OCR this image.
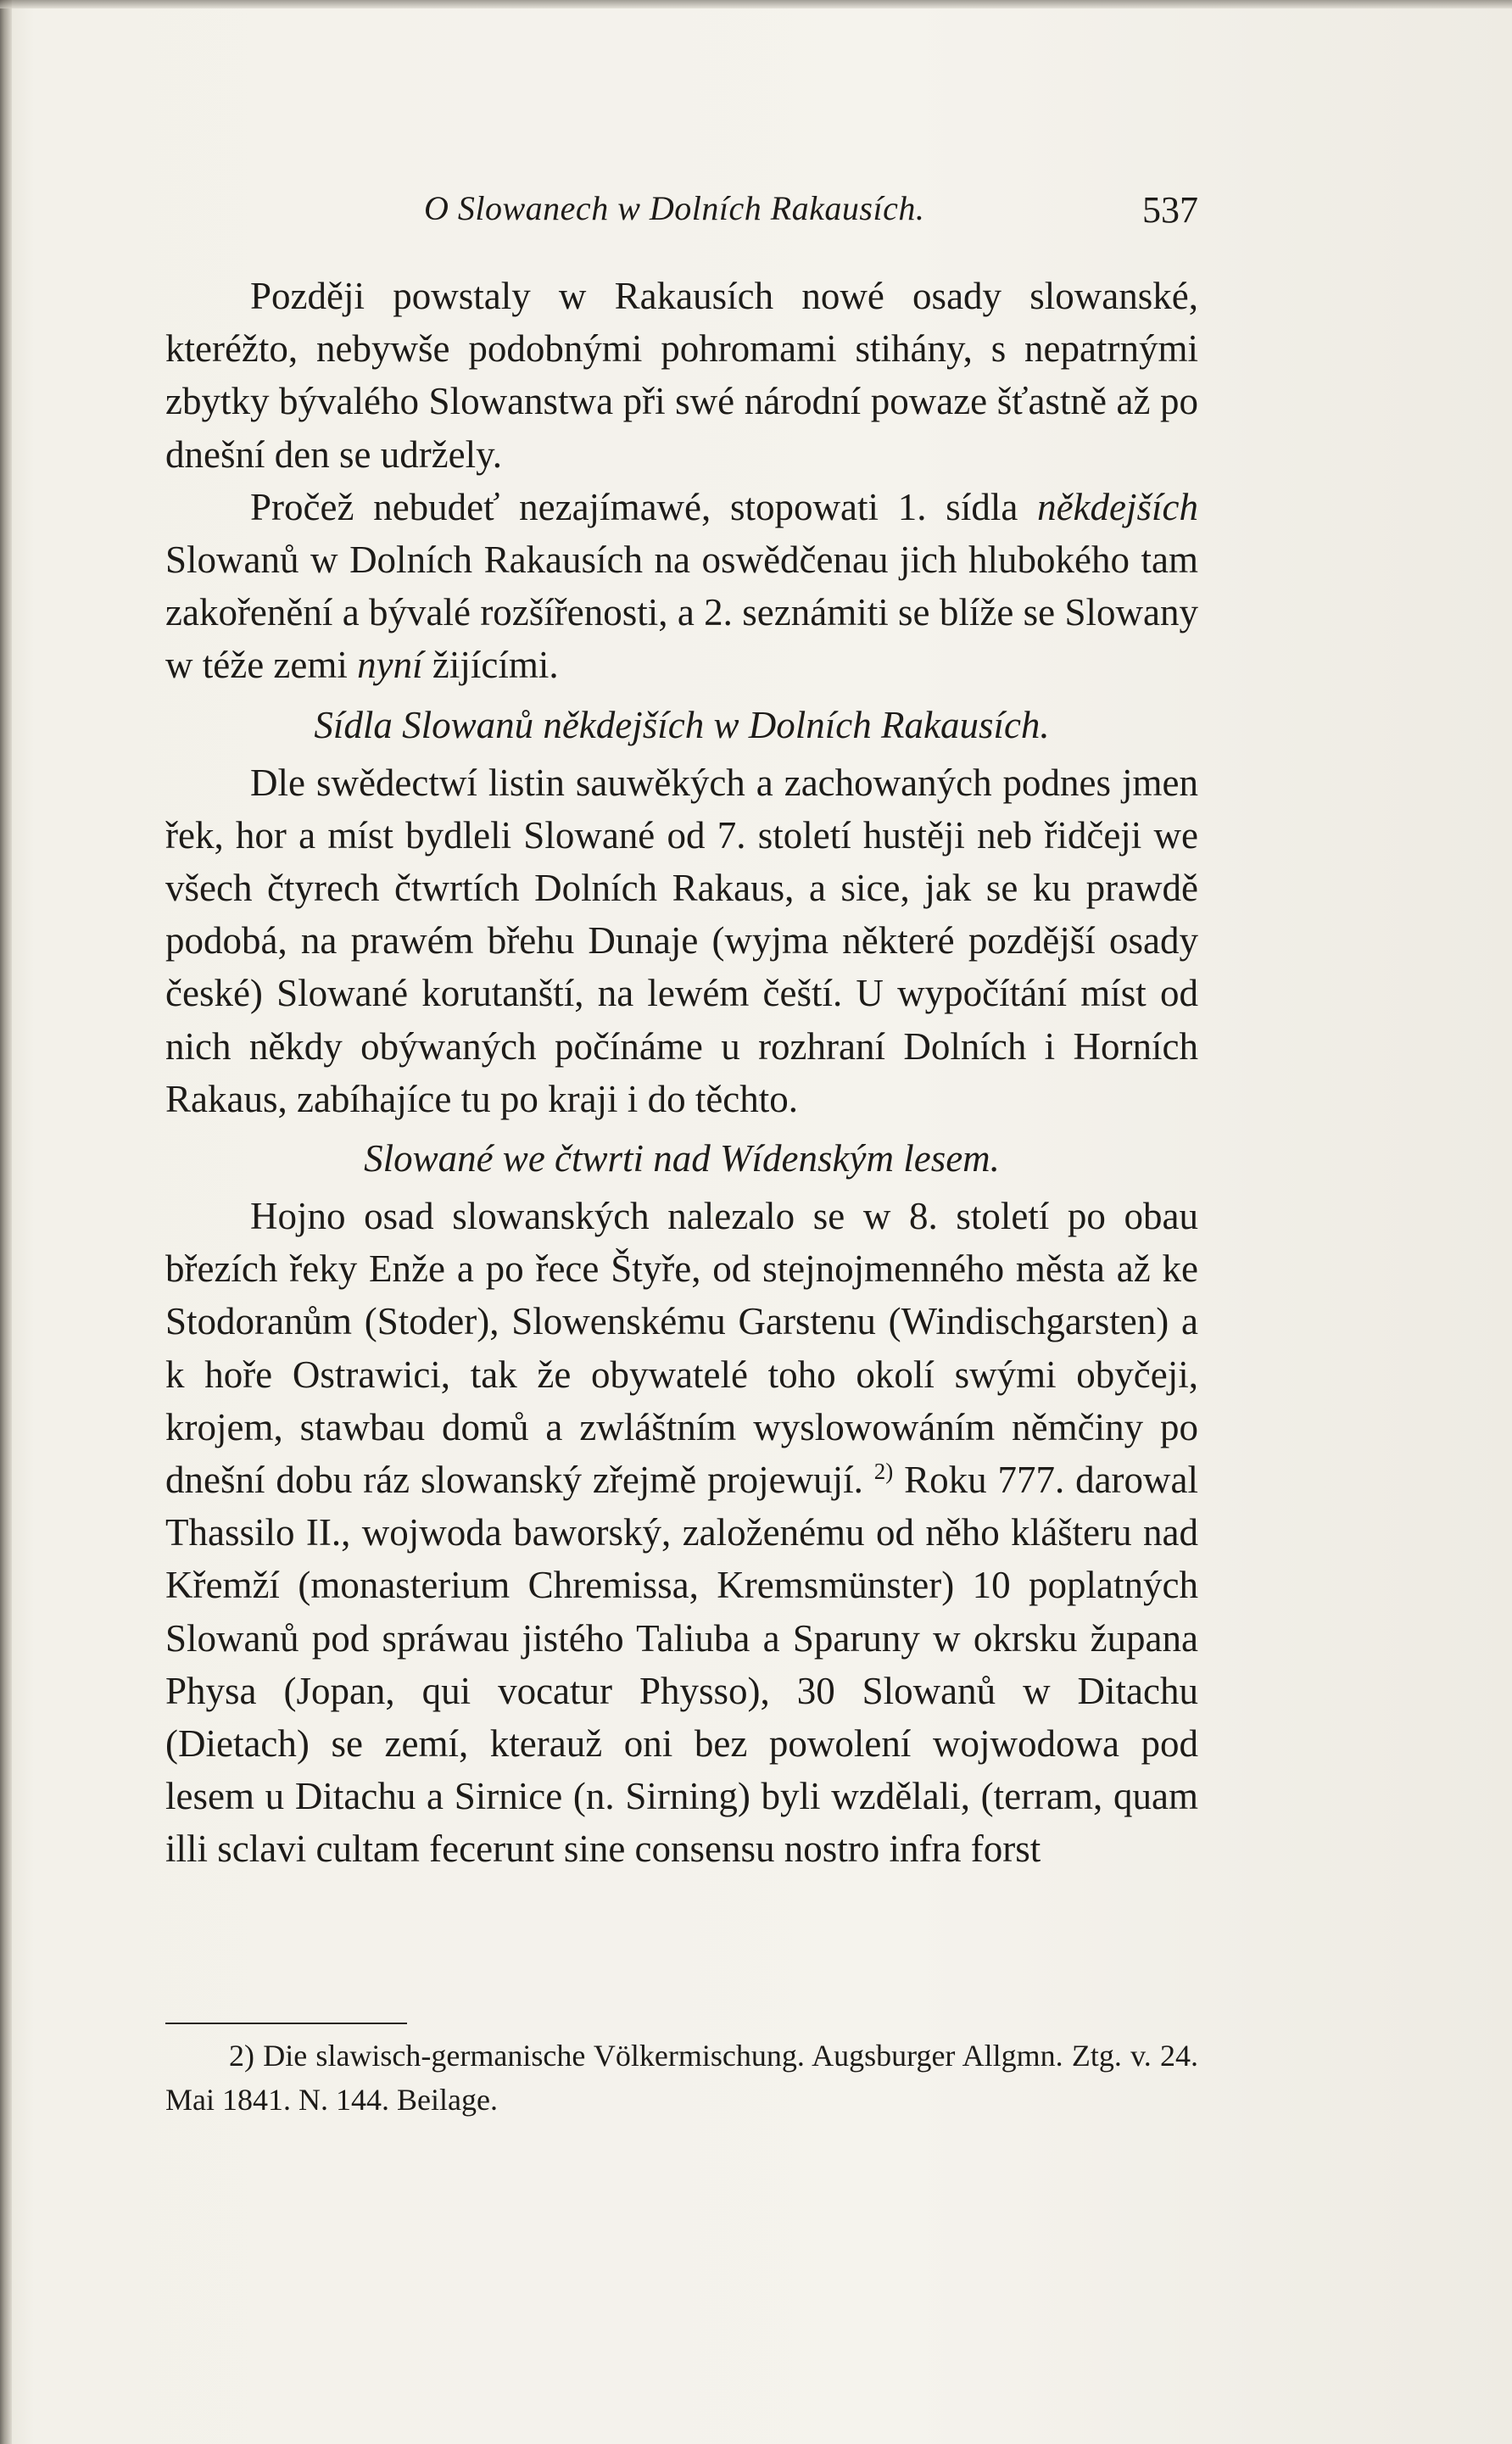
O Slowanech w Dolních Rakausích.	537

Později powstaly w Rakausích nowé osady slowanské, kteréžto, nebywše podobnými pohromami stihány, s nepatrnými zbytky bývalého Slowanstwa při swé národní powaze šťastně až po dnešní den se udržely.

Pročež nebudeť nezajímawé, stopowati 1. sídla někdejších Slowanů w Dolních Rakausích na oswědčenau jich hlubokého tam zakořenění a bývalé rozšířenosti, a 2. seznámiti se blíže se Slowany w téže zemi nyní žijícími.

Sídla Slowanů někdejších w Dolních Rakausích.

Dle swědectwí listin sauwěkých a zachowaných podnes jmen řek, hor a míst bydleli Slowané od 7. století hustěji neb řidčeji we všech čtyrech čtwrtích Dolních Rakaus, a sice, jak se ku prawdě podobá, na prawém břehu Dunaje (wyjma některé pozdější osady české) Slowané korutanští, na lewém čeští. U wypočítání míst od nich někdy obýwaných počínáme u rozhraní Dolních i Horních Rakaus, zabíhajíce tu po kraji i do těchto.

Slowané we čtwrti nad Wídenským lesem.

Hojno osad slowanských nalezalo se w 8. století po obau březích řeky Enže a po řece Štyře, od stejnojmenného města až ke Stodoranům (Stoder), Slowenskému Garstenu (Windischgarsten) a k hoře Ostrawici, tak že obywatelé toho okolí swými obyčeji, krojem, stawbau domů a zwláštním wyslowowáním němčiny po dnešní dobu ráz slowanský zřejmě projewují. $^{2)}$ Roku 777. darowal Thassilo II., wojwoda baworský, založenému od něho klášteru nad Křemží (monasterium Chremissa, Kremsmünster) 10 poplatných Slowanů pod spráwau jistého Taliuba a Sparuny w okrsku župana Physa (Jopan, qui vocatur Physso), 30 Slowanů w Ditachu (Dietach) se zemí, kterauž oni bez powolení wojwodowa pod lesem u Ditachu a Sirnice (n. Sirning) byli wzdělali, (terram, quam illi sclavi cultam fecerunt sine consensu nostro infra forst

2) Die slawisch-germanische Völkermischung. Augsburger Allgmn. Ztg. v. 24. Mai 1841. N. 144. Beilage.
